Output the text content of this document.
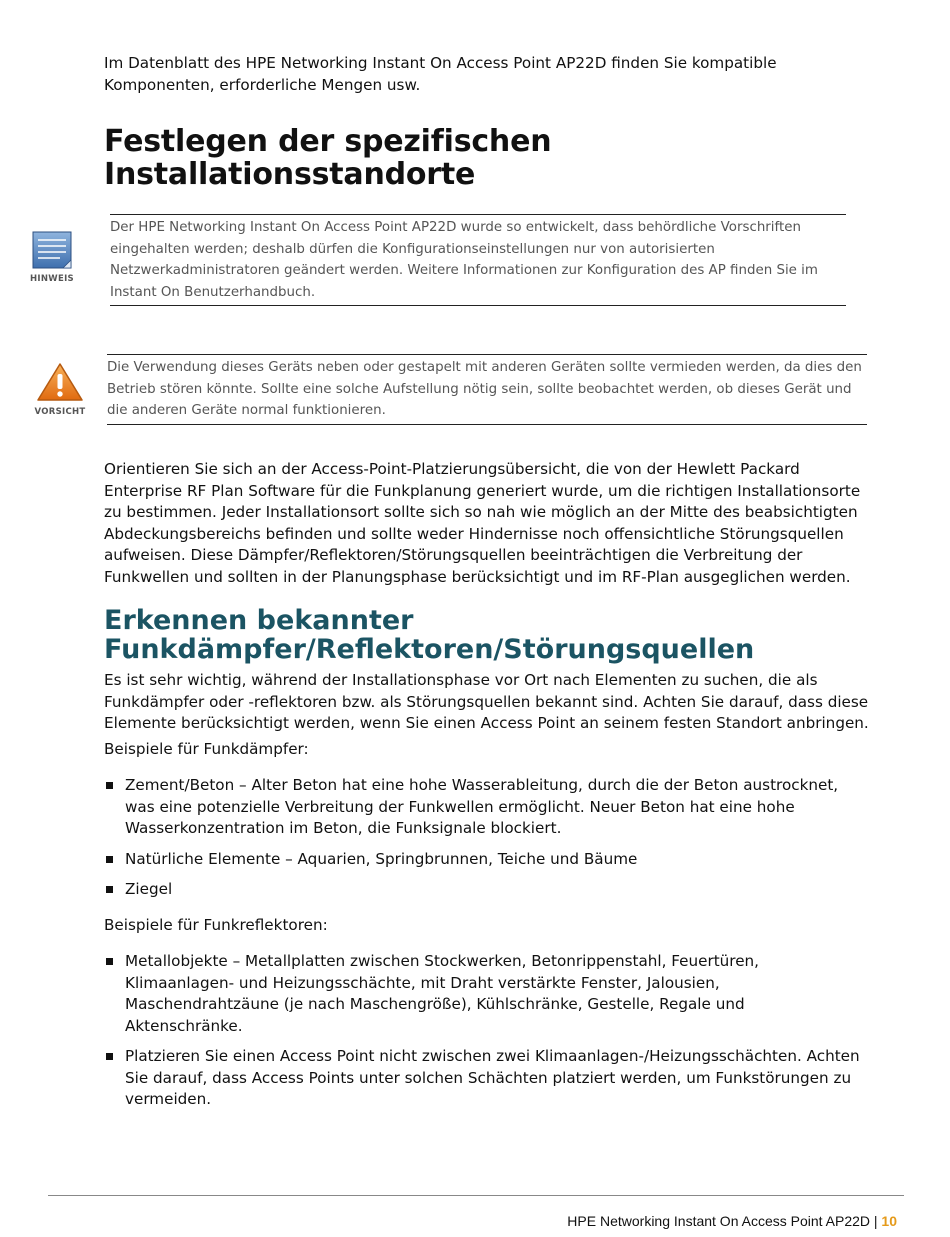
Im Datenblatt des HPE Networking Instant On Access Point AP22D finden Sie kompatible Komponenten, erforderliche Mengen usw.

Festlegen der spezifischen Installationsstandorte
HINWEIS

Der HPE Networking Instant On Access Point AP22D wurde so entwickelt, dass behördliche Vorschriften eingehalten werden; deshalb dürfen die Konfigurationseinstellungen nur von autorisierten Netzwerkadministratoren geändert werden. Weitere Informationen zur Konfiguration des AP finden Sie im Instant On Benutzerhandbuch.

VORSICHT

Die Verwendung dieses Geräts neben oder gestapelt mit anderen Geräten sollte vermieden werden, da dies den Betrieb stören könnte. Sollte eine solche Aufstellung nötig sein, sollte beobachtet werden, ob dieses Gerät und die anderen Geräte normal funktionieren.

Orientieren Sie sich an der Access-Point-Platzierungsübersicht, die von der Hewlett Packard Enterprise RF Plan Software für die Funkplanung generiert wurde, um die richtigen Installationsorte zu bestimmen. Jeder Installationsort sollte sich so nah wie möglich an der Mitte des beabsichtigten Abdeckungsbereichs befinden und sollte weder Hindernisse noch offensichtliche Störungsquellen aufweisen. Diese Dämpfer/Reflektoren/Störungsquellen beeinträchtigen die Verbreitung der Funkwellen und sollten in der Planungsphase berücksichtigt und im RF-Plan ausgeglichen werden.

Erkennen bekannter Funkdämpfer/Reflektoren/Störungsquellen

Es ist sehr wichtig, während der Installationsphase vor Ort nach Elementen zu suchen, die als Funkdämpfer oder -reflektoren bzw. als Störungsquellen bekannt sind. Achten Sie darauf, dass diese Elemente berücksichtigt werden, wenn Sie einen Access Point an seinem festen Standort anbringen.

Beispiele für Funkdämpfer:

Zement/Beton – Alter Beton hat eine hohe Wasserableitung, durch die der Beton austrocknet, was eine potenzielle Verbreitung der Funkwellen ermöglicht. Neuer Beton hat eine hohe Wasserkonzentration im Beton, die Funksignale blockiert.
Natürliche Elemente – Aquarien, Springbrunnen, Teiche und Bäume
Ziegel

Beispiele für Funkreflektoren:

Metallobjekte – Metallplatten zwischen Stockwerken, Betonrippenstahl, Feuertüren, Klimaanlagen- und Heizungsschächte, mit Draht verstärkte Fenster, Jalousien, Maschendrahtzäune (je nach Maschengröße), Kühlschränke, Gestelle, Regale und Aktenschränke.
Platzieren Sie einen Access Point nicht zwischen zwei Klimaanlagen-/Heizungsschächten. Achten Sie darauf, dass Access Points unter solchen Schächten platziert werden, um Funkstörungen zu vermeiden.
HPE Networking Instant On Access Point AP22D | 10
